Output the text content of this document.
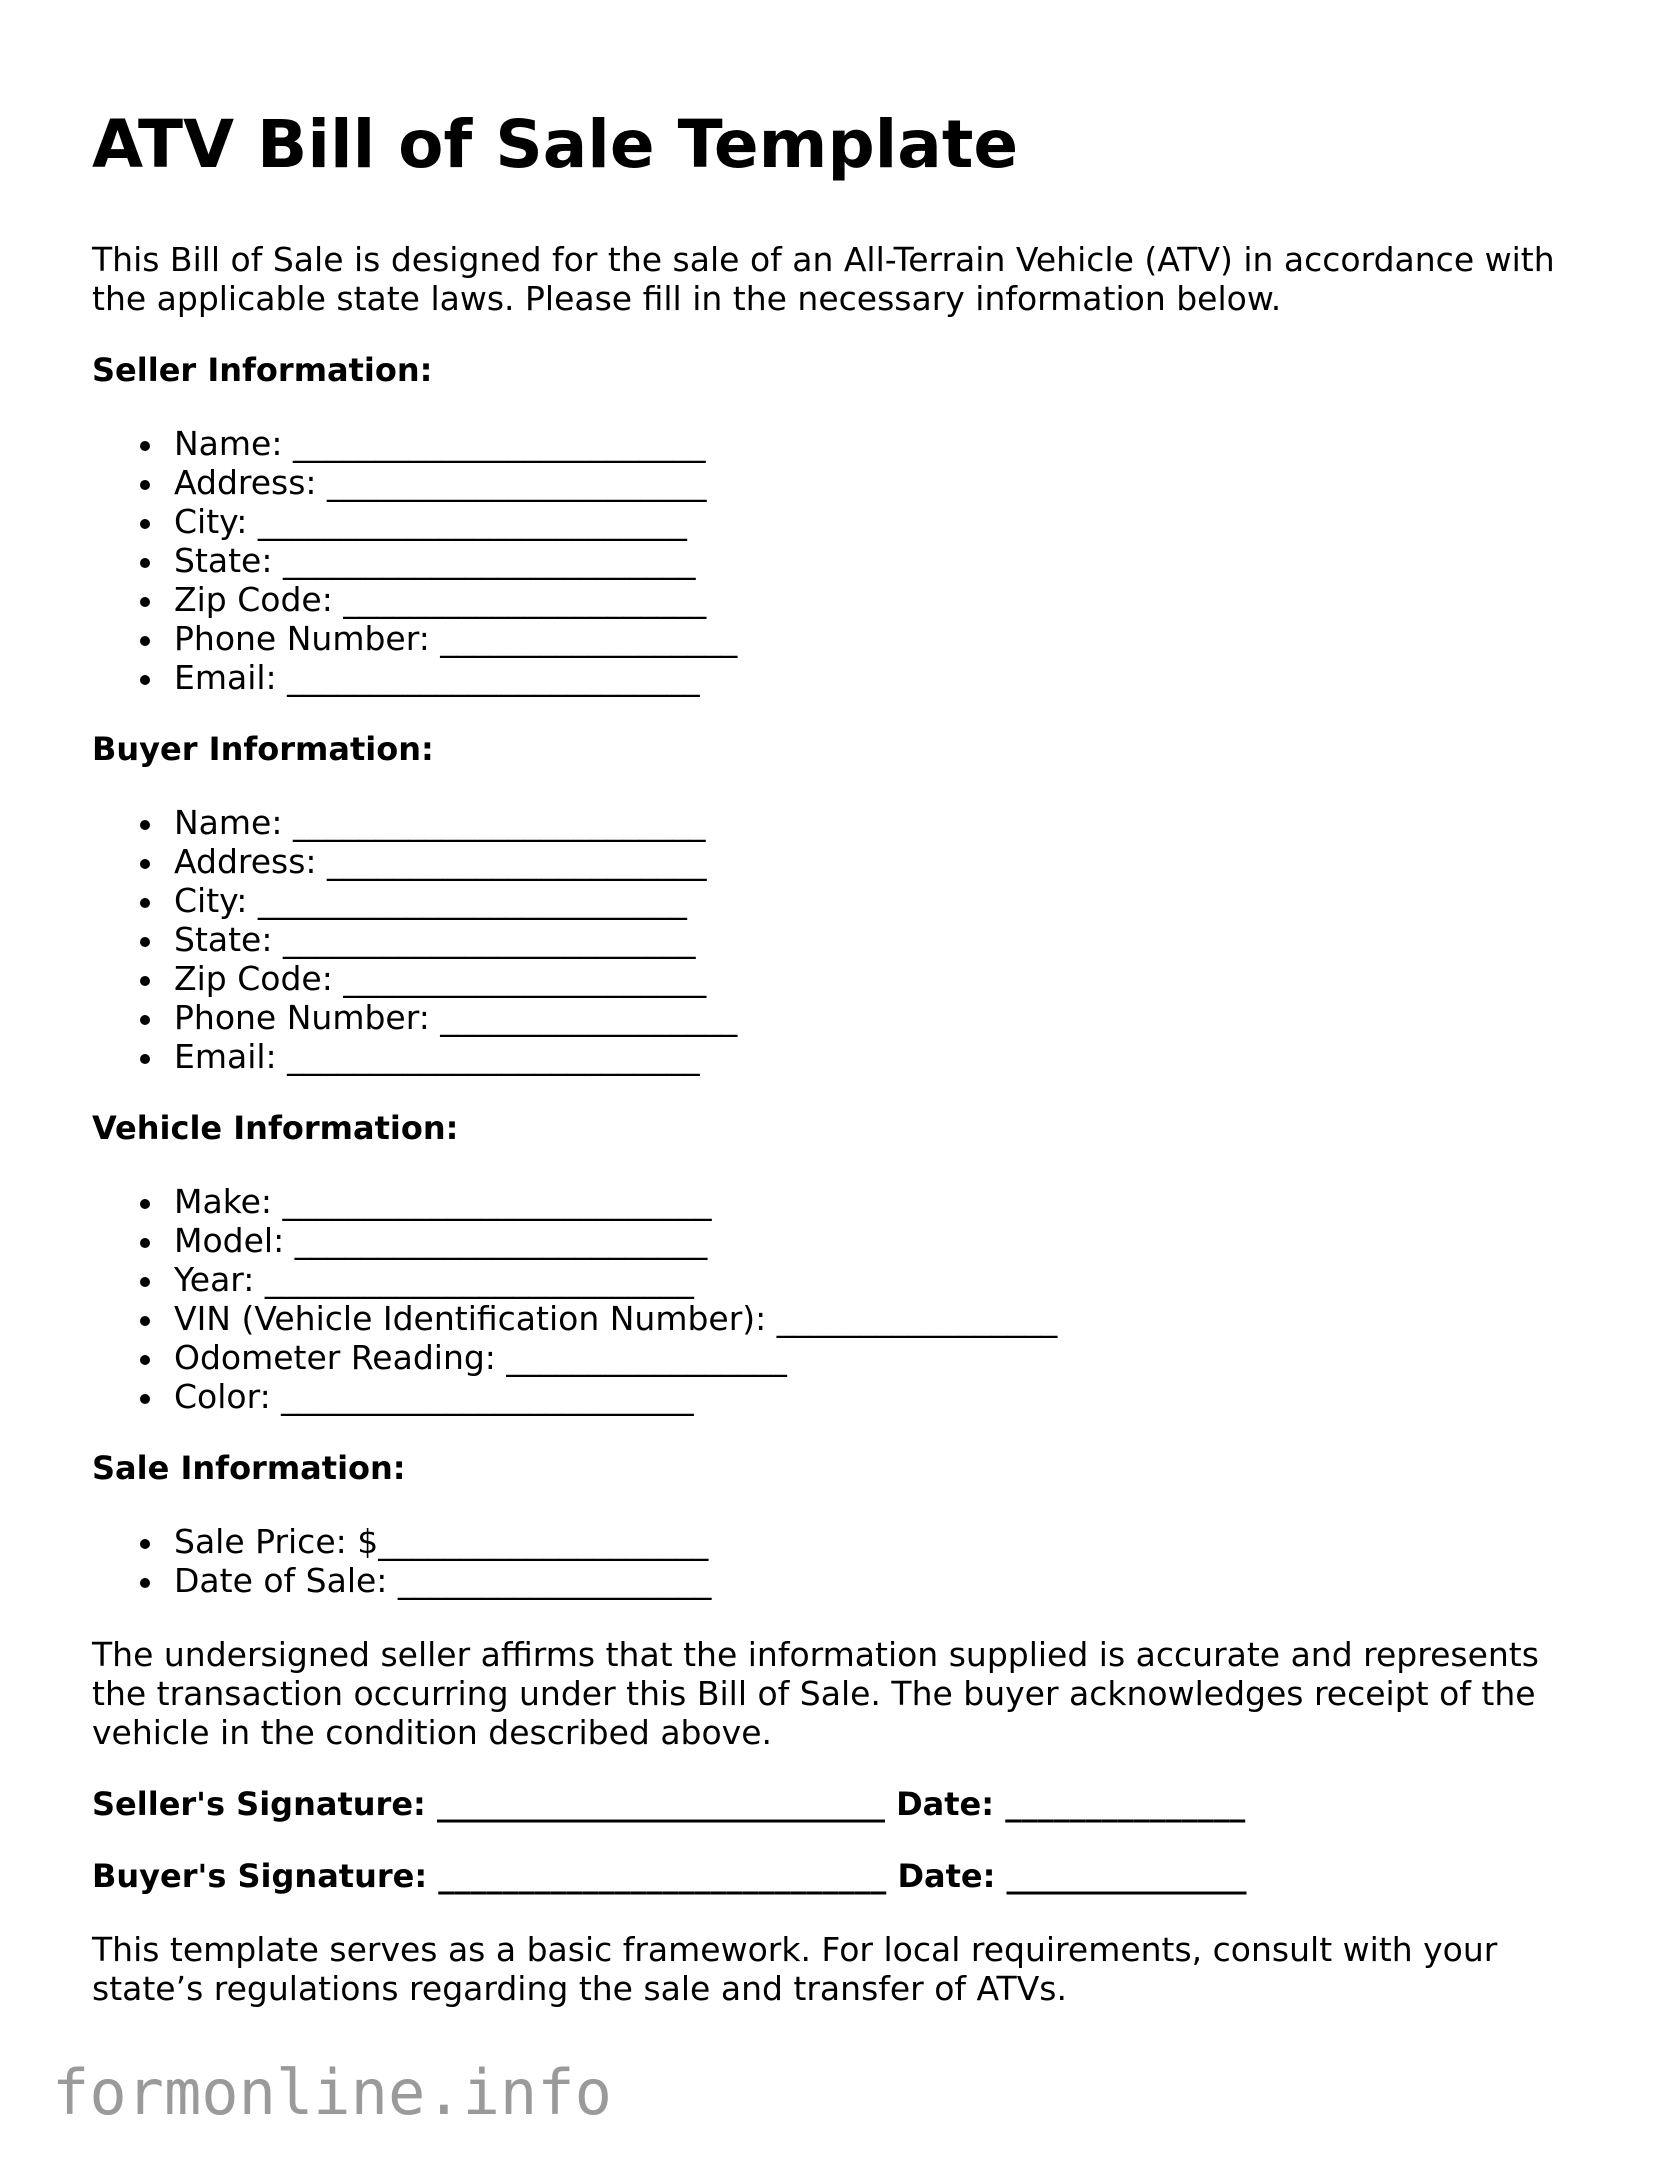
ATV Bill of Sale Template

This Bill of Sale is designed for the sale of an All-Terrain Vehicle (ATV) in accordance with the applicable state laws. Please fill in the necessary information below.

Seller Information:
Name: _________________________
Address: _______________________
City: __________________________
State: _________________________
Zip Code: ______________________
Phone Number: __________________
Email: _________________________
Buyer Information:
Name: _________________________
Address: _______________________
City: __________________________
State: _________________________
Zip Code: ______________________
Phone Number: __________________
Email: _________________________
Vehicle Information:
Make: __________________________
Model: _________________________
Year: __________________________
VIN (Vehicle Identification Number): _________________
Odometer Reading: _________________
Color: _________________________
Sale Information:
Sale Price: $____________________
Date of Sale: ___________________

The undersigned seller affirms that the information supplied is accurate and represents the transaction occurring under this Bill of Sale. The buyer acknowledges receipt of the vehicle in the condition described above.

Seller's Signature: ____________________________ Date: _______________
Buyer's Signature: ____________________________ Date: _______________

This template serves as a basic framework. For local requirements, consult with your state’s regulations regarding the sale and transfer of ATVs.

formonline.info
